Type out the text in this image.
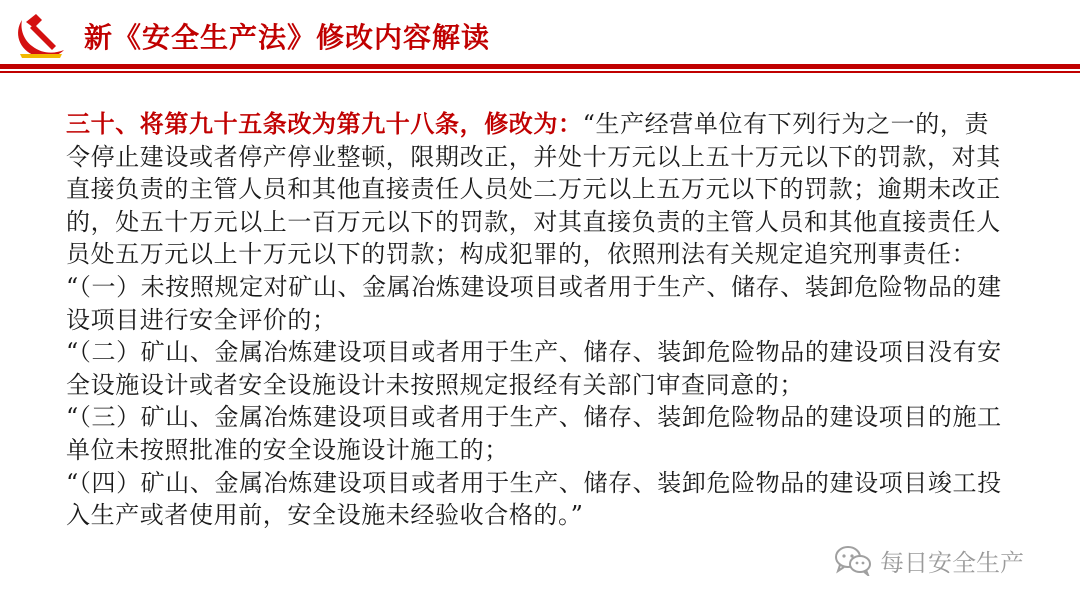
新《安全生产法》修改内容解读

三十、将第九十五条改为第九十八条，修改为：“生产经营单位有下列行为之一的，责令停止建设或者停产停业整顿，限期改正，并处十万元以上五十万元以下的罚款，对其直接负责的主管人员和其他直接责任人员处二万元以上五万元以下的罚款；逾期未改正的，处五十万元以上一百万元以下的罚款，对其直接负责的主管人员和其他直接责任人员处五万元以上十万元以下的罚款；构成犯罪的，依照刑法有关规定追究刑事责任：

“（一）未按照规定对矿山、金属冶炼建设项目或者用于生产、储存、装卸危险物品的建设项目进行安全评价的；

“（二）矿山、金属冶炼建设项目或者用于生产、储存、装卸危险物品的建设项目没有安全设施设计或者安全设施设计未按照规定报经有关部门审查同意的；

“（三）矿山、金属冶炼建设项目或者用于生产、储存、装卸危险物品的建设项目的施工单位未按照批准的安全设施设计施工的；

“（四）矿山、金属冶炼建设项目或者用于生产、储存、装卸危险物品的建设项目竣工投入生产或者使用前，安全设施未经验收合格的。”

每日安全生产
